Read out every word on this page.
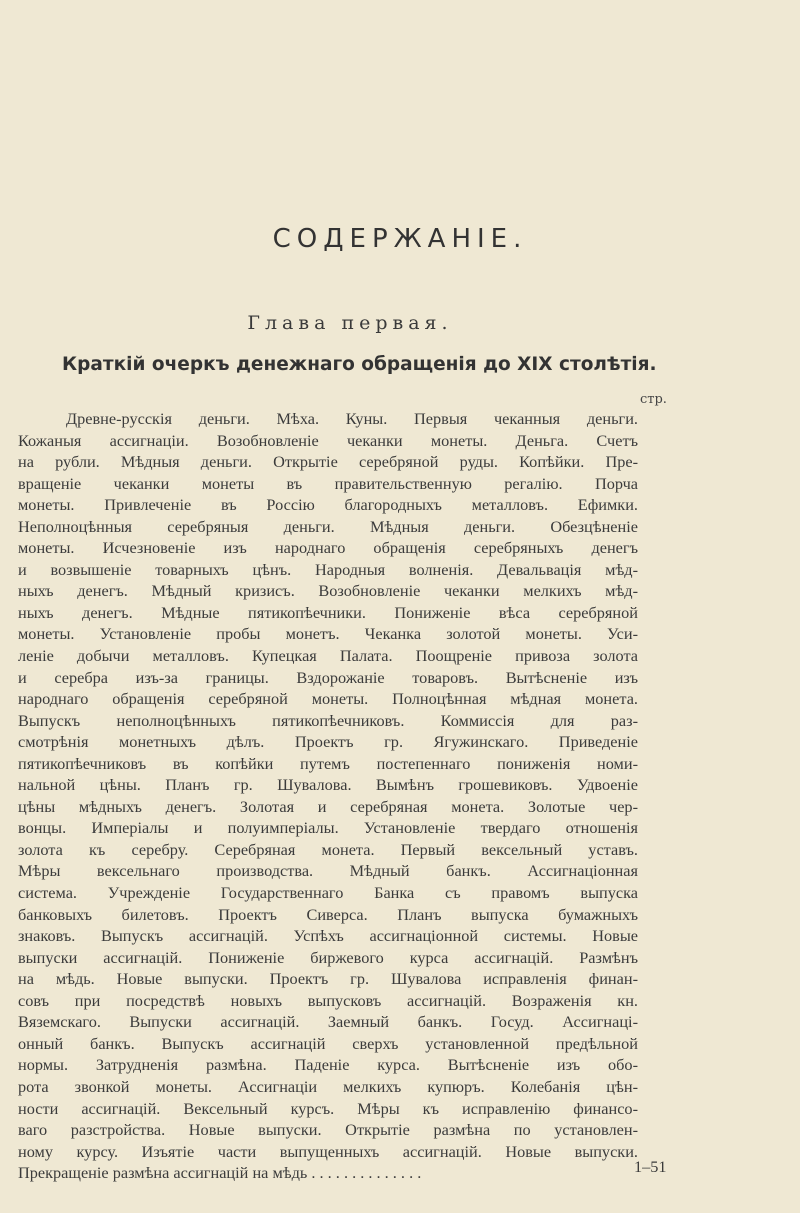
СОДЕРЖАНІЕ.
Глава первая.
Краткій очеркъ денежнаго обращенія до XIX столѣтія.
стр.
Древне-русскія деньги. Мѣха. Куны. Первыя чеканныя деньги.
Кожаныя ассигнаціи. Возобновленіе чеканки монеты. Деньга. Счетъ
на рубли. Мѣдныя деньги. Открытіе серебряной руды. Копѣйки. Пре-
вращеніе чеканки монеты въ правительственную регалію. Порча
монеты. Привлеченіе въ Россію благородныхъ металловъ. Ефимки.
Неполноцѣнныя серебряныя деньги. Мѣдныя деньги. Обезцѣненіе
монеты. Исчезновеніе изъ народнаго обращенія серебряныхъ денегъ
и возвышеніе товарныхъ цѣнъ. Народныя волненія. Девальвація мѣд-
ныхъ денегъ. Мѣдный кризисъ. Возобновленіе чеканки мелкихъ мѣд-
ныхъ денегъ. Мѣдные пятикопѣечники. Пониженіе вѣса серебряной
монеты. Установленіе пробы монетъ. Чеканка золотой монеты. Уси-
леніе добычи металловъ. Купецкая Палата. Поощреніе привоза золота
и серебра изъ-за границы. Вздорожаніе товаровъ. Вытѣсненіе изъ
народнаго обращенія серебряной монеты. Полноцѣнная мѣдная монета.
Выпускъ неполноцѣнныхъ пятикопѣечниковъ. Коммиссія для раз-
смотрѣнія монетныхъ дѣлъ. Проектъ гр. Ягужинскаго. Приведеніе
пятикопѣечниковъ въ копѣйки путемъ постепеннаго пониженія номи-
нальной цѣны. Планъ гр. Шувалова. Вымѣнъ грошевиковъ. Удвоеніе
цѣны мѣдныхъ денегъ. Золотая и серебряная монета. Золотые чер-
вонцы. Имперіалы и полуимперіалы. Установленіе твердаго отношенія
золота къ серебру. Серебряная монета. Первый вексельный уставъ.
Мѣры вексельнаго производства. Мѣдный банкъ. Ассигнаціонная
система. Учрежденіе Государственнаго Банка съ правомъ выпуска
банковыхъ билетовъ. Проектъ Сиверса. Планъ выпуска бумажныхъ
знаковъ. Выпускъ ассигнацій. Успѣхъ ассигнаціонной системы. Новые
выпуски ассигнацій. Пониженіе биржевого курса ассигнацій. Размѣнъ
на мѣдь. Новые выпуски. Проектъ гр. Шувалова исправленія финан-
совъ при посредствѣ новыхъ выпусковъ ассигнацій. Возраженія кн.
Вяземскаго. Выпуски ассигнацій. Заемный банкъ. Госуд. Ассигнаці-
онный банкъ. Выпускъ ассигнацій сверхъ установленной предѣльной
нормы. Затрудненія размѣна. Паденіе курса. Вытѣсненіе изъ обо-
рота звонкой монеты. Ассигнаціи мелкихъ купюръ. Колебанія цѣн-
ности ассигнацій. Вексельный курсъ. Мѣры къ исправленію финансо-
ваго разстройства. Новые выпуски. Открытіе размѣна по установлен-
ному курсу. Изъятіе части выпущенныхъ ассигнацій. Новые выпуски.
Прекращеніе размѣна ассигнацій на мѣдь . . . . . . . . . . . . . .	1–51
